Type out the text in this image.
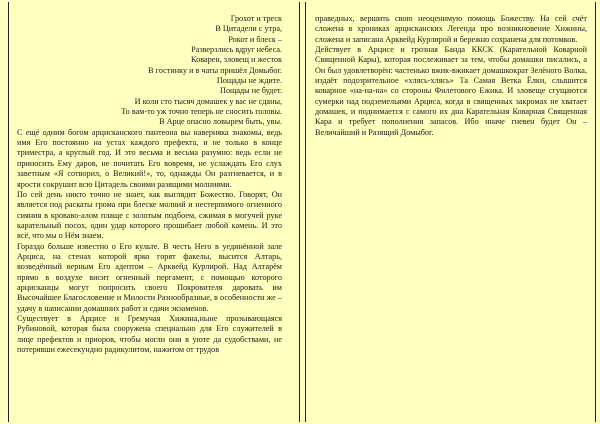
Грохот и треск
В Цитадели с утра,
Рокот и блеск –
Разверзлись вдруг небеса.
Коварен, зловещ и жесток
В гостинку и в чаты пришёл Домыбог.
Пощады не ждите.
Пощады не будет.
И коли сто тысяч домашек у вас не сданы,
То вам-то уж точно теперь не сносить головы.
В Арце опасно ловырем быть, увы.

С ещё одним богом арцисканского пантеона вы наверняка знакомы, ведь имя Его постоянно на устах каждого префекта, и не только в конце триместра, а круглый год. И это весьма и весьма разумно: ведь если не приносить Ему даров, не почитать Его вовремя, не услаждать Его слух заветным «Я сотворил, о Великий!», то, однажды Он разгневается, и в ярости сокрушит всю Цитадель своими разящими молниями.

По сей день никто точно не знает, как выглядит Божество. Говорят, Он является под раскаты грома при блеске молний и нестерпимого огненного сияния в кроваво-алом плаще с золотым подбоем, сжимая в могучей руке карательный посох, один удар которого прошибает любой камень. И это всё, что мы о Нём знаем.

Гораздо больше известно о Его культе. В честь Него в уединённой зале Арциса, на стенах которой ярко горят факелы, высится Алтарь, возведённый верным Его адептом – Арквейд Курлирой. Над Алтарём прямо в воздухе висит огненный пергамент, с помощью которого арцисканцы могут попросить своего Покровителя даровать им Высочайшее Благословение и Милости Разнообразные, в особенности же – удачу в написании домашних работ и сдачи экзаменов.

Существует в Арцисе и Гремучая Хижина,ныне прозывающаяся Рубиновой, которая была сооружена специально для Его служителей в лице префектов и приоров, чтобы могли они в уюте да судобствами, не потерявши ежесекундно радикулитом, нажитом от трудов

праведных, вершить свою неоценимую помощь Божеству. На сей счёт сложена в хрониках арцисканских Легенда про возникновение Хижины, сложена и записана Арквейд Курлирой и бережно сохранена для потомков.

Действует в Арцисе и грозная Банда ККСК (Карательной Коварной Священной Кары), которая послеживает за тем, чтобы домашки писались, а Он был удовлетворён: частенько вжик-вжикает домашкократ Зелёного Волка, издаёт подозрительное «хлясь-хлясь» Та Самая Ветка Ёлки, слышится коварное «на-на-на» со стороны Филетового Ежика. И зловеще сгущаются сумерки над подземельями Арциса, когда в священных закромах не хватает домашек, и поднимается с самого их дна Карательная Коварная Священная Кара и требует пополнения запасов. Ибо иначе гневен будет Он – Величайший и Разящий Домыбог.
